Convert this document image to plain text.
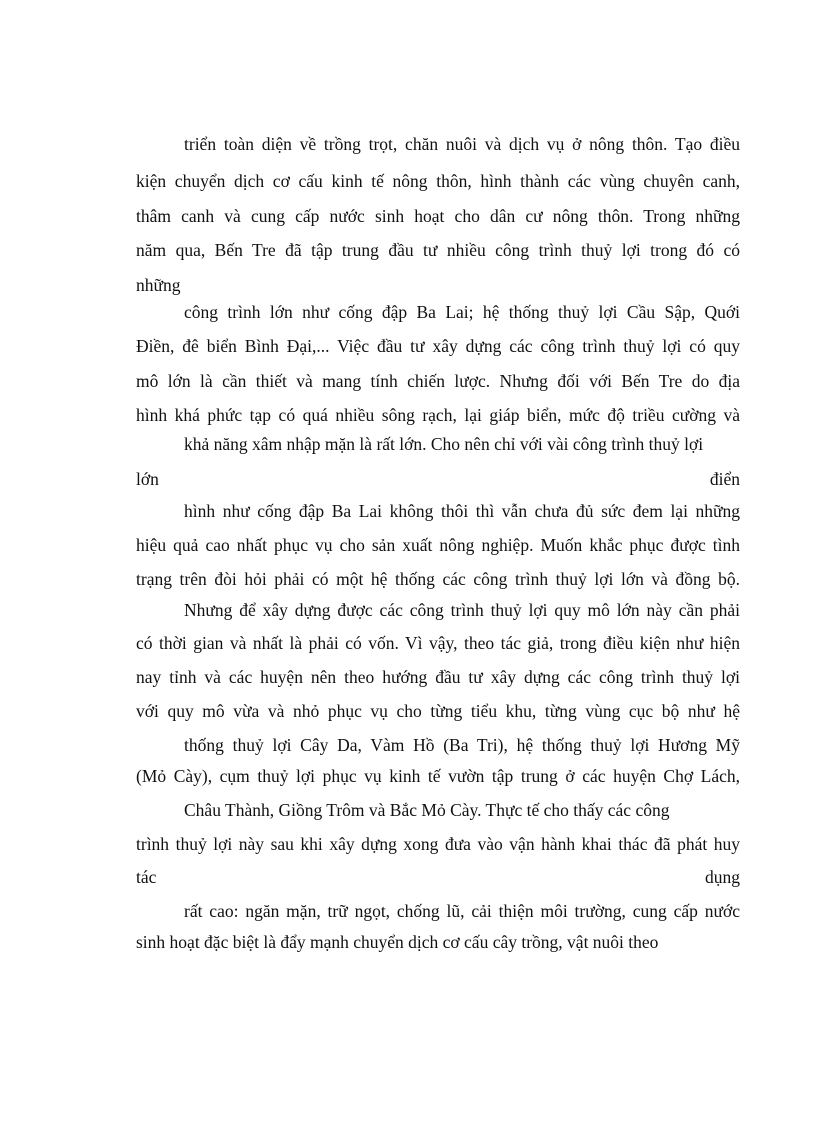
triển toàn diện về trồng trọt, chăn nuôi và dịch vụ ở nông thôn. Tạo điều
kiện chuyển dịch cơ cấu kinh tế nông thôn, hình thành các vùng chuyên canh,
thâm canh và cung cấp nước sinh hoạt cho dân cư nông thôn. Trong những
năm qua, Bến Tre đã tập trung đầu tư nhiều công trình thuỷ lợi trong đó có
những
công trình lớn như cống đập Ba Lai; hệ thống thuỷ lợi Cầu Sập, Quới
Điền, đê biển Bình Đại,... Việc đầu tư xây dựng các công trình thuỷ lợi có quy
mô lớn là cần thiết và mang tính chiến lược. Nhưng đối với Bến Tre do địa
hình khá phức tạp có quá nhiều sông rạch, lại giáp biển, mức độ triều cường và
khả năng xâm nhập mặn là rất lớn. Cho nên chỉ với vài công trình thuỷ lợi
lớn điển
hình như cống đập Ba Lai không thôi thì vẫn chưa đủ sức đem lại những
hiệu quả cao nhất phục vụ cho sản xuất nông nghiệp. Muốn khắc phục được tình
trạng trên đòi hỏi phải có một hệ thống các công trình thuỷ lợi lớn và đồng bộ.
Nhưng để xây dựng được các công trình thuỷ lợi quy mô lớn này cần phải
có thời gian và nhất là phải có vốn. Vì vậy, theo tác giả, trong điều kiện như hiện
nay tỉnh và các huyện nên theo hướng đầu tư xây dựng các công trình thuỷ lợi
với quy mô vừa và nhỏ phục vụ cho từng tiểu khu, từng vùng cục bộ như hệ
thống thuỷ lợi Cây Da, Vàm Hồ (Ba Tri), hệ thống thuỷ lợi Hương Mỹ
(Mỏ Cày), cụm thuỷ lợi phục vụ kinh tế vườn tập trung ở các huyện Chợ Lách,
Châu Thành, Giồng Trôm và Bắc Mỏ Cày. Thực tế cho thấy các công
trình thuỷ lợi này sau khi xây dựng xong đưa vào vận hành khai thác đã phát huy
tác dụng
rất cao: ngăn mặn, trữ ngọt, chống lũ, cải thiện môi trường, cung cấp nước
sinh hoạt đặc biệt là đẩy mạnh chuyển dịch cơ cấu cây trồng, vật nuôi theo
